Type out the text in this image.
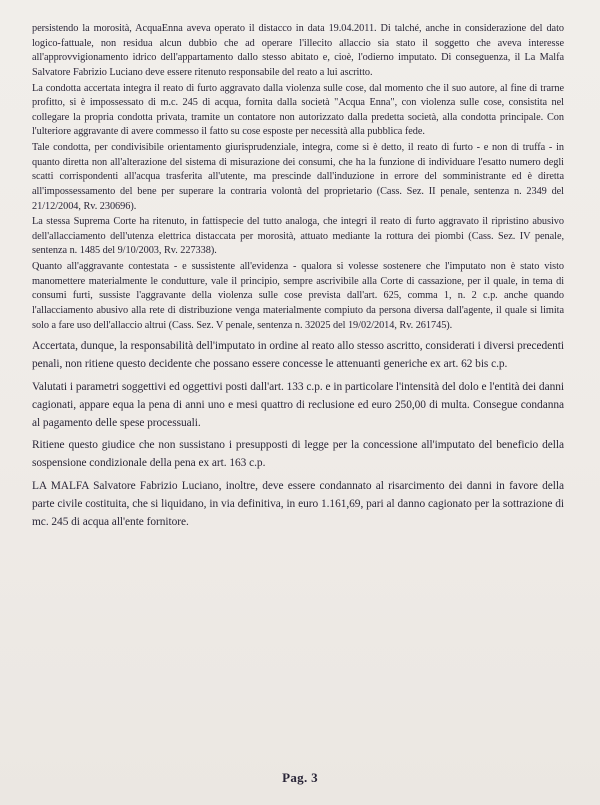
persistendo la morosità, AcquaEnna aveva operato il distacco in data 19.04.2011. Di talché, anche in considerazione del dato logico-fattuale, non residua alcun dubbio che ad operare l'illecito allaccio sia stato il soggetto che aveva interesse all'approvvigionamento idrico dell'appartamento dallo stesso abitato e, cioè, l'odierno imputato. Di conseguenza, il La Malfa Salvatore Fabrizio Luciano deve essere ritenuto responsabile del reato a lui ascritto.

La condotta accertata integra il reato di furto aggravato dalla violenza sulle cose, dal momento che il suo autore, al fine di trarne profitto, si è impossessato di m.c. 245 di acqua, fornita dalla società "Acqua Enna", con violenza sulle cose, consistita nel collegare la propria condotta privata, tramite un contatore non autorizzato dalla predetta società, alla condotta principale. Con l'ulteriore aggravante di avere commesso il fatto su cose esposte per necessità alla pubblica fede.

Tale condotta, per condivisibile orientamento giurisprudenziale, integra, come si è detto, il reato di furto - e non di truffa - in quanto diretta non all'alterazione del sistema di misurazione dei consumi, che ha la funzione di individuare l'esatto numero degli scatti corrispondenti all'acqua trasferita all'utente, ma prescinde dall'induzione in errore del somministrante ed è diretta all'impossessamento del bene per superare la contraria volontà del proprietario (Cass. Sez. II penale, sentenza n. 2349 del 21/12/2004, Rv. 230696).

La stessa Suprema Corte ha ritenuto, in fattispecie del tutto analoga, che integri il reato di furto aggravato il ripristino abusivo dell'allacciamento dell'utenza elettrica distaccata per morosità, attuato mediante la rottura dei piombi (Cass. Sez. IV penale, sentenza n. 1485 del 9/10/2003, Rv. 227338).

Quanto all'aggravante contestata - e sussistente all'evidenza - qualora si volesse sostenere che l'imputato non è stato visto manomettere materialmente le condutture, vale il principio, sempre ascrivibile alla Corte di cassazione, per il quale, in tema di consumi furti, sussiste l'aggravante della violenza sulle cose prevista dall'art. 625, comma 1, n. 2 c.p. anche quando l'allacciamento abusivo alla rete di distribuzione venga materialmente compiuto da persona diversa dall'agente, il quale si limita solo a fare uso dell'allaccio altrui (Cass. Sez. V penale, sentenza n. 32025 del 19/02/2014, Rv. 261745).

Accertata, dunque, la responsabilità dell'imputato in ordine al reato allo stesso ascritto, considerati i diversi precedenti penali, non ritiene questo decidente che possano essere concesse le attenuanti generiche ex art. 62 bis c.p.

Valutati i parametri soggettivi ed oggettivi posti dall'art. 133 c.p. e in particolare l'intensità del dolo e l'entità dei danni cagionati, appare equa la pena di anni uno e mesi quattro di reclusione ed euro 250,00 di multa. Consegue condanna al pagamento delle spese processuali.

Ritiene questo giudice che non sussistano i presupposti di legge per la concessione all'imputato del beneficio della sospensione condizionale della pena ex art. 163 c.p.

LA MALFA Salvatore Fabrizio Luciano, inoltre, deve essere condannato al risarcimento dei danni in favore della parte civile costituita, che si liquidano, in via definitiva, in euro 1.161,69, pari al danno cagionato per la sottrazione di mc. 245 di acqua all'ente fornitore.

Pag. 3
